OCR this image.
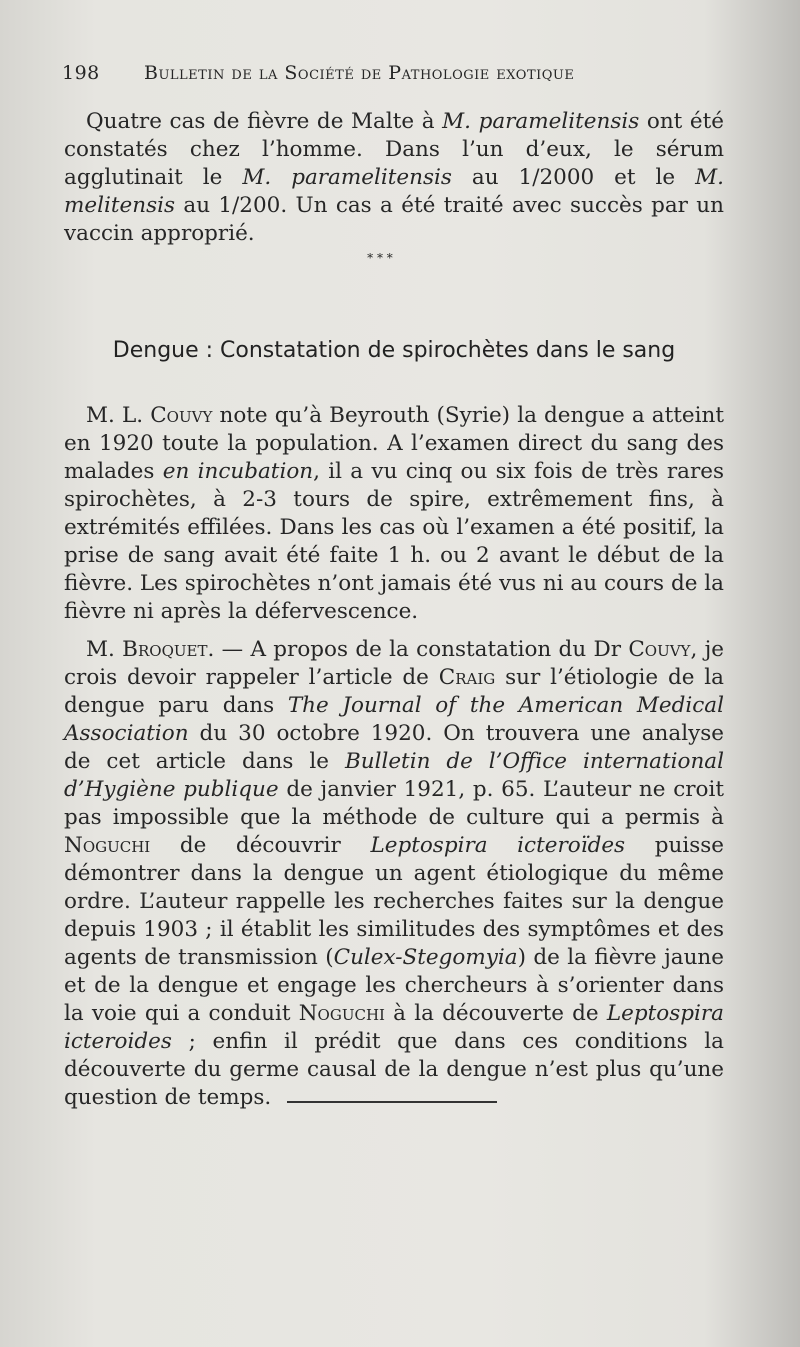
198 Bulletin de la Société de Pathologie exotique

Quatre cas de fièvre de Malte à M. paramelitensis ont été constatés chez l’homme. Dans l’un d’eux, le sérum agglutinait le M. paramelitensis au 1/2000 et le M. melitensis au 1/200. Un cas a été traité avec succès par un vaccin approprié.

⁎ ⁎ ⁎
Dengue : Constatation de spirochètes dans le sang

M. L. Couvy note qu’à Beyrouth (Syrie) la dengue a atteint en 1920 toute la population. A l’examen direct du sang des malades en incubation, il a vu cinq ou six fois de très rares spirochètes, à 2-3 tours de spire, extrêmement fins, à extrémités effilées. Dans les cas où l’examen a été positif, la prise de sang avait été faite 1 h. ou 2 avant le début de la fièvre. Les spirochètes n’ont jamais été vus ni au cours de la fièvre ni après la défervescence.

M. Broquet. — A propos de la constatation du Dr Couvy, je crois devoir rappeler l’article de Craig sur l’étiologie de la dengue paru dans The Journal of the American Medical Association du 30 octobre 1920. On trouvera une analyse de cet article dans le Bulletin de l’Office international d’Hygiène publique de janvier 1921, p. 65. L’auteur ne croit pas impossible que la méthode de culture qui a permis à Noguchi de découvrir Leptospira icteroïdes puisse démontrer dans la dengue un agent étiologique du même ordre. L’auteur rappelle les recherches faites sur la dengue depuis 1903 ; il établit les similitudes des symptômes et des agents de transmission (Culex-Stegomyia) de la fièvre jaune et de la dengue et engage les chercheurs à s’orienter dans la voie qui a conduit Noguchi à la découverte de Leptospira icteroides ; enfin il prédit que dans ces conditions la découverte du germe causal de la dengue n’est plus qu’une question de temps.
